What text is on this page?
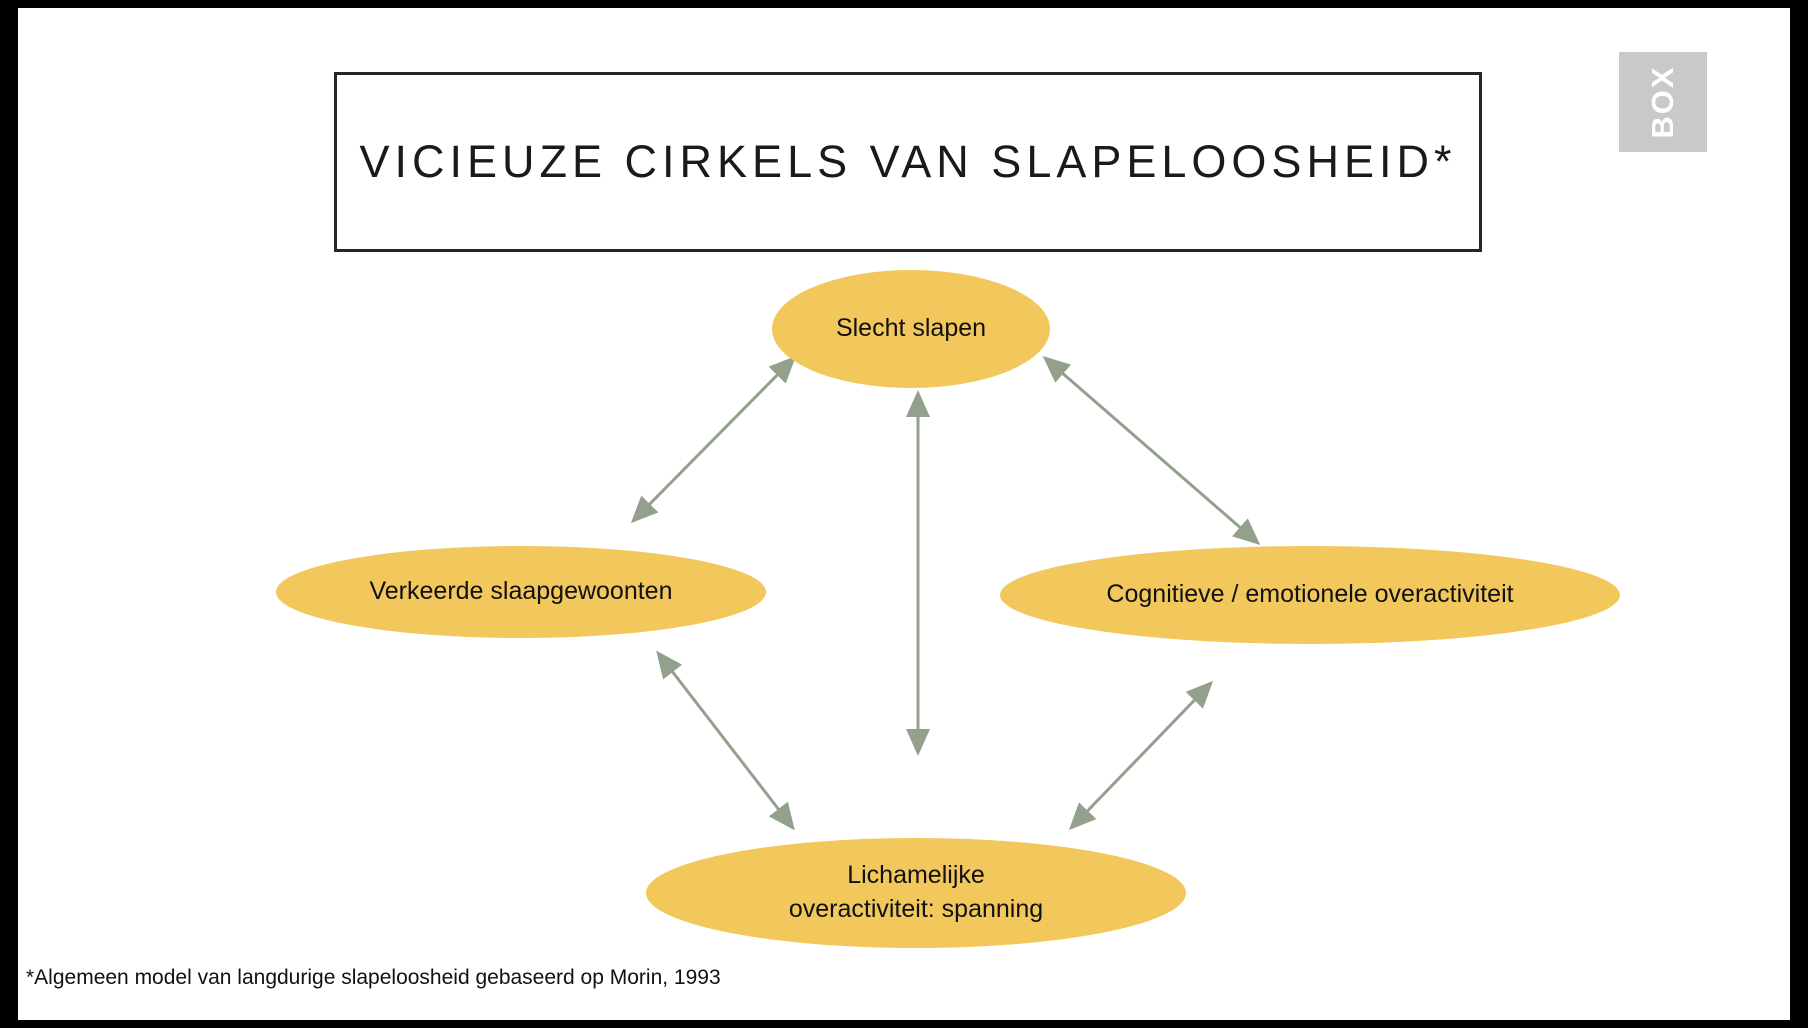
VICIEUZE CIRKELS VAN SLAPELOOSHEID*
BOX
Slecht slapen
Verkeerde slaapgewoonten	Cognitieve / emotionele overactiviteit
Lichamelijke
overactiviteit: spanning
*Algemeen model van langdurige slapeloosheid gebaseerd op Morin, 1993
